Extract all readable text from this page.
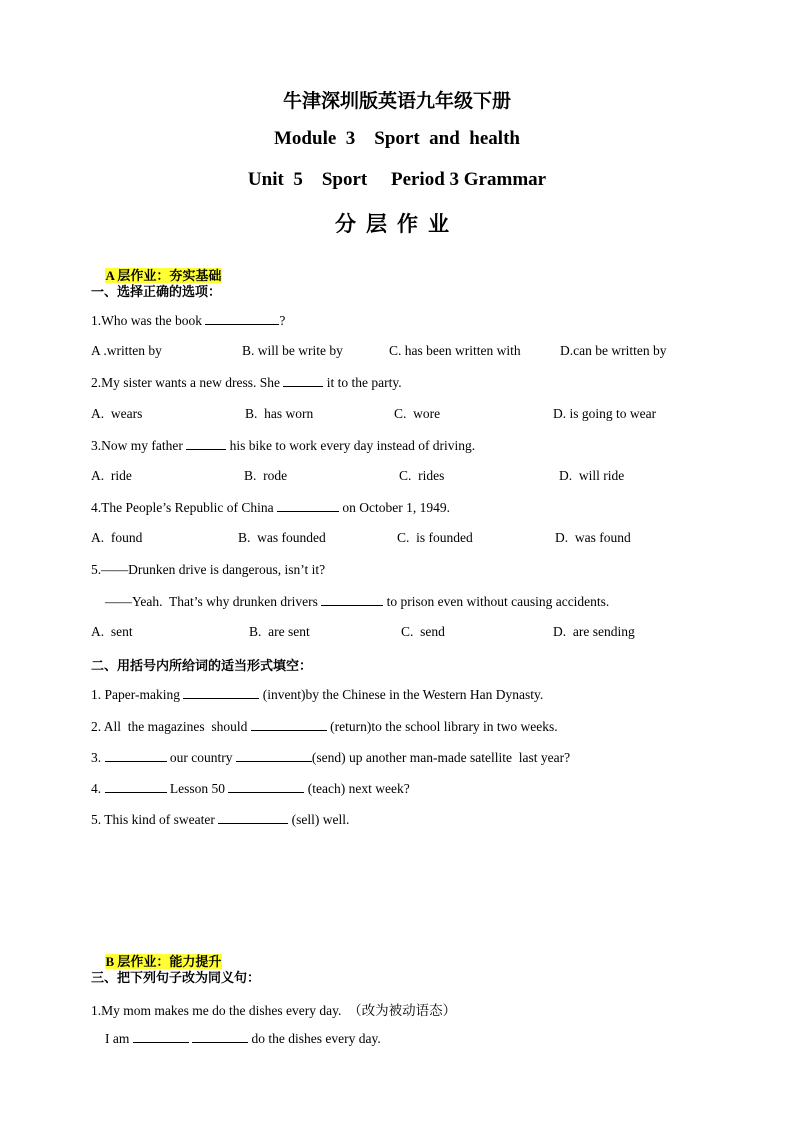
牛津深圳版英语九年级下册
Module  3    Sport  and  health
Unit  5    Sport     Period 3 Grammar
分层作业

A 层作业：夯实基础

一、选择正确的选项：
1.Who was the book	?
A .written by	B. will be write by	C. has been written with	D.can be written by
2.My sister wants a new dress. She	it to the party.
A.  wears	B.  has worn	C.  wore	D. is going to wear
3.Now my father	his bike to work every day instead of driving.
A.  ride	B.  rode	C.  rides	D.  will ride
4.The People’s Republic of China	on October 1, 1949.
A.  found	B.  was founded	C.  is founded	D.  was found
5.——Drunken drive is dangerous, isn’t it?
——Yeah.  That’s why drunken drivers	to prison even without causing accidents.
A.  sent	B.  are sent	C.  send	D.  are sending
二、用括号内所给词的适当形式填空：
1. Paper-making	(invent)by the Chinese in the Western Han Dynasty.
2. All  the magazines  should	(return)to the school library in two weeks.
3.	our country	(send) up another man-made satellite  last year?
4.	Lesson 50	(teach) next week?
5. This kind of sweater	(sell) well.

B 层作业：能力提升

三、把下列句子改为同义句：
1.My mom makes me do the dishes every day.  （改为被动语态）
I am	do the dishes every day.
